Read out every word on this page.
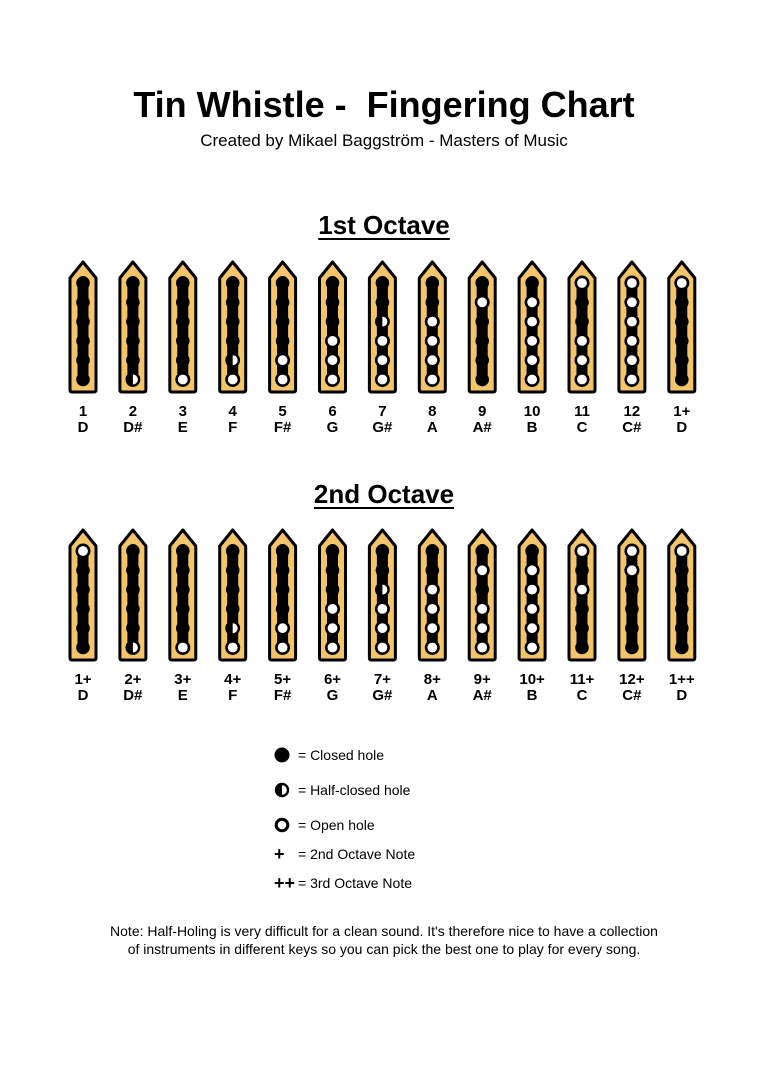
Tin Whistle -  Fingering Chart
Created by Mikael Baggström - Masters of Music
1st Octave
1
D
2
D#
3
E
4
F
5
F#
6
G
7
G#
8
A
9
A#
10
B
11
C
12
C#
1+
D
2nd Octave
1+
D
2+
D#
3+
E
4+
F
5+
F#
6+
G
7+
G#
8+
A
9+
A#
10+
B
11+
C
12+
C#
1++
D
= Closed hole
= Half-closed hole
= Open hole
+ = 2nd Octave Note
++ = 3rd Octave Note
Note: Half-Holing is very difficult for a clean sound. It's therefore nice to have a collection
of instruments in different keys so you can pick the best one to play for every song.
